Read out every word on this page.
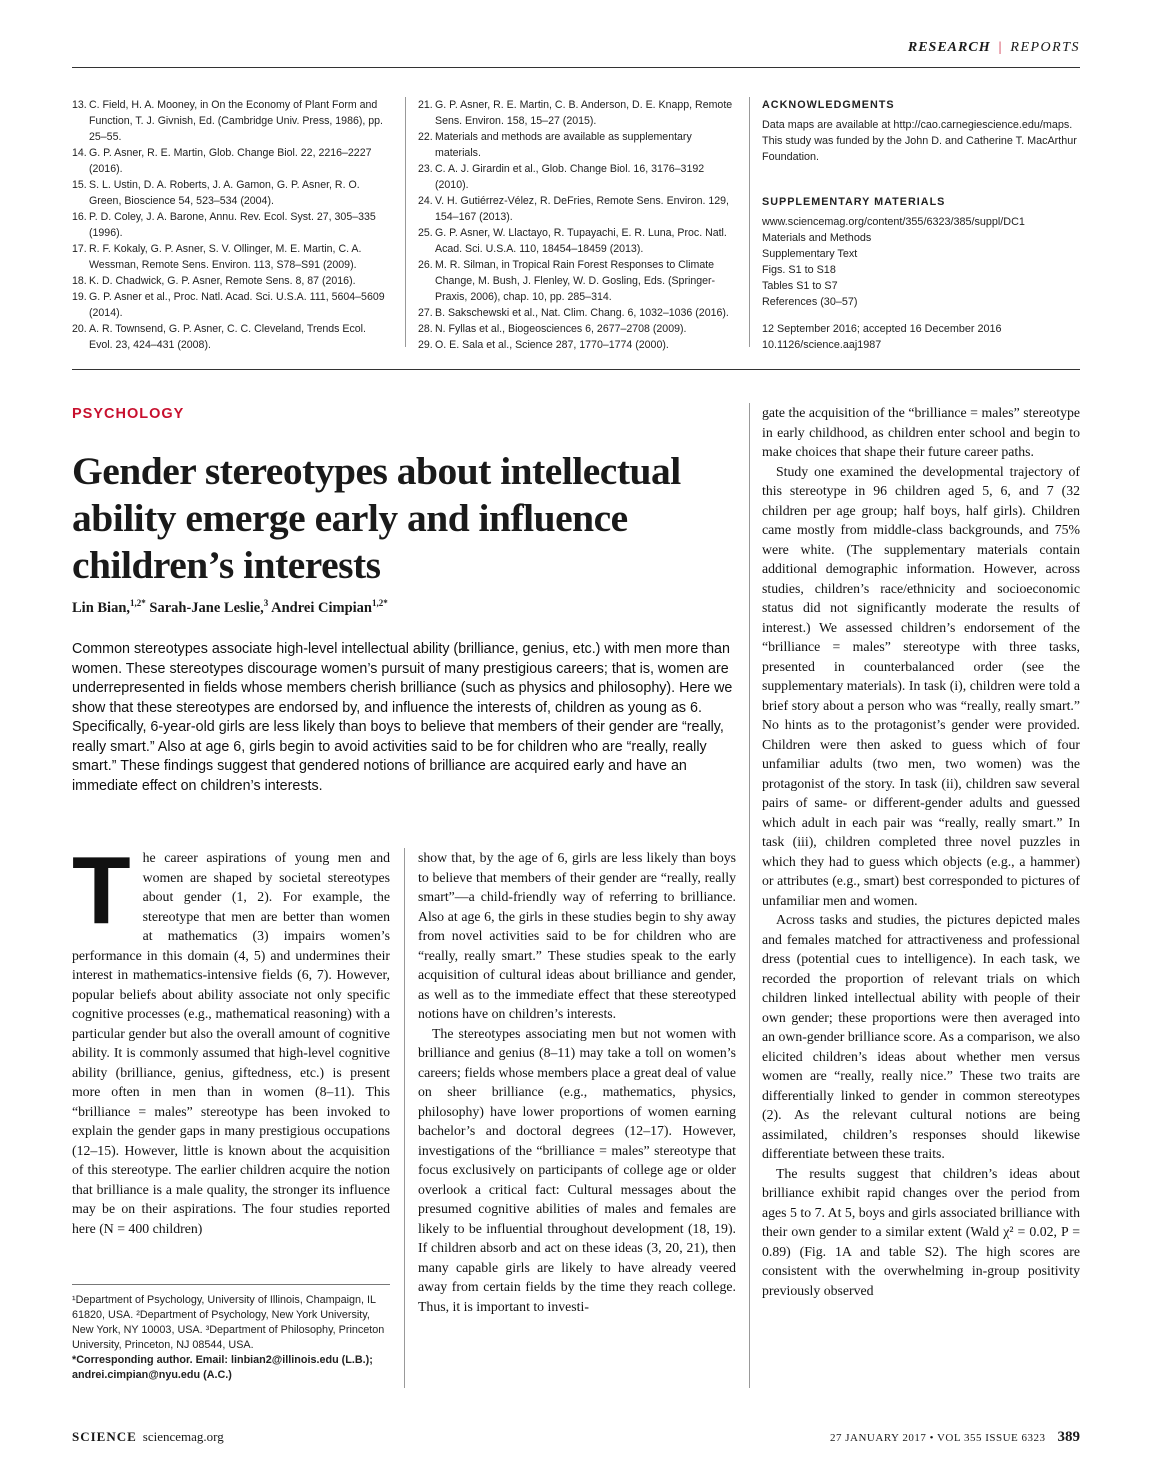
RESEARCH | REPORTS
13. C. Field, H. A. Mooney, in On the Economy of Plant Form and Function, T. J. Givnish, Ed. (Cambridge Univ. Press, 1986), pp. 25–55.
14. G. P. Asner, R. E. Martin, Glob. Change Biol. 22, 2216–2227 (2016).
15. S. L. Ustin, D. A. Roberts, J. A. Gamon, G. P. Asner, R. O. Green, Bioscience 54, 523–534 (2004).
16. P. D. Coley, J. A. Barone, Annu. Rev. Ecol. Syst. 27, 305–335 (1996).
17. R. F. Kokaly, G. P. Asner, S. V. Ollinger, M. E. Martin, C. A. Wessman, Remote Sens. Environ. 113, S78–S91 (2009).
18. K. D. Chadwick, G. P. Asner, Remote Sens. 8, 87 (2016).
19. G. P. Asner et al., Proc. Natl. Acad. Sci. U.S.A. 111, 5604–5609 (2014).
20. A. R. Townsend, G. P. Asner, C. C. Cleveland, Trends Ecol. Evol. 23, 424–431 (2008).
21. G. P. Asner, R. E. Martin, C. B. Anderson, D. E. Knapp, Remote Sens. Environ. 158, 15–27 (2015).
22. Materials and methods are available as supplementary materials.
23. C. A. J. Girardin et al., Glob. Change Biol. 16, 3176–3192 (2010).
24. V. H. Gutiérrez-Vélez, R. DeFries, Remote Sens. Environ. 129, 154–167 (2013).
25. G. P. Asner, W. Llactayo, R. Tupayachi, E. R. Luna, Proc. Natl. Acad. Sci. U.S.A. 110, 18454–18459 (2013).
26. M. R. Silman, in Tropical Rain Forest Responses to Climate Change, M. Bush, J. Flenley, W. D. Gosling, Eds. (Springer-Praxis, 2006), chap. 10, pp. 285–314.
27. B. Sakschewski et al., Nat. Clim. Chang. 6, 1032–1036 (2016).
28. N. Fyllas et al., Biogeosciences 6, 2677–2708 (2009).
29. O. E. Sala et al., Science 287, 1770–1774 (2000).
ACKNOWLEDGMENTS

Data maps are available at http://cao.carnegiescience.edu/maps. This study was funded by the John D. and Catherine T. MacArthur Foundation.

SUPPLEMENTARY MATERIALS
www.sciencemag.org/content/355/6323/385/suppl/DC1
Materials and Methods
Supplementary Text
Figs. S1 to S18
Tables S1 to S7
References (30–57)

12 September 2016; accepted 16 December 2016

10.1126/science.aaj1987

PSYCHOLOGY
Gender stereotypes about intellectual ability emerge early and influence children’s interests
Lin Bian,$^{1,2*}$ Sarah-Jane Leslie,$^3$ Andrei Cimpian$^{1,2*}$
Common stereotypes associate high-level intellectual ability (brilliance, genius, etc.) with men more than women. These stereotypes discourage women’s pursuit of many prestigious careers; that is, women are underrepresented in fields whose members cherish brilliance (such as physics and philosophy). Here we show that these stereotypes are endorsed by, and influence the interests of, children as young as 6. Specifically, 6-year-old girls are less likely than boys to believe that members of their gender are “really, really smart.” Also at age 6, girls begin to avoid activities said to be for children who are “really, really smart.” These findings suggest that gendered notions of brilliance are acquired early and have an immediate effect on children’s interests.

The career aspirations of young men and women are shaped by societal stereotypes about gender (1, 2). For example, the stereotype that men are better than women at mathematics (3) impairs women’s performance in this domain (4, 5) and undermines their interest in mathematics-intensive fields (6, 7). However, popular beliefs about ability associate not only specific cognitive processes (e.g., mathematical reasoning) with a particular gender but also the overall amount of cognitive ability. It is commonly assumed that high-level cognitive ability (brilliance, genius, giftedness, etc.) is present more often in men than in women (8–11). This “brilliance = males” stereotype has been invoked to explain the gender gaps in many prestigious occupations (12–15). However, little is known about the acquisition of this stereotype. The earlier children acquire the notion that brilliance is a male quality, the stronger its influence may be on their aspirations. The four studies reported here (N = 400 children)

show that, by the age of 6, girls are less likely than boys to believe that members of their gender are “really, really smart”—a child-friendly way of referring to brilliance. Also at age 6, the girls in these studies begin to shy away from novel activities said to be for children who are “really, really smart.” These studies speak to the early acquisition of cultural ideas about brilliance and gender, as well as to the immediate effect that these stereotyped notions have on children’s interests.

The stereotypes associating men but not women with brilliance and genius (8–11) may take a toll on women’s careers; fields whose members place a great deal of value on sheer brilliance (e.g., mathematics, physics, philosophy) have lower proportions of women earning bachelor’s and doctoral degrees (12–17). However, investigations of the “brilliance = males” stereotype that focus exclusively on participants of college age or older overlook a critical fact: Cultural messages about the presumed cognitive abilities of males and females are likely to be influential throughout development (18, 19). If children absorb and act on these ideas (3, 20, 21), then many capable girls are likely to have already veered away from certain fields by the time they reach college. Thus, it is important to investi-

gate the acquisition of the “brilliance = males” stereotype in early childhood, as children enter school and begin to make choices that shape their future career paths.

Study one examined the developmental trajectory of this stereotype in 96 children aged 5, 6, and 7 (32 children per age group; half boys, half girls). Children came mostly from middle-class backgrounds, and 75% were white. (The supplementary materials contain additional demographic information. However, across studies, children’s race/ethnicity and socioeconomic status did not significantly moderate the results of interest.) We assessed children’s endorsement of the “brilliance = males” stereotype with three tasks, presented in counterbalanced order (see the supplementary materials). In task (i), children were told a brief story about a person who was “really, really smart.” No hints as to the protagonist’s gender were provided. Children were then asked to guess which of four unfamiliar adults (two men, two women) was the protagonist of the story. In task (ii), children saw several pairs of same- or different-gender adults and guessed which adult in each pair was “really, really smart.” In task (iii), children completed three novel puzzles in which they had to guess which objects (e.g., a hammer) or attributes (e.g., smart) best corresponded to pictures of unfamiliar men and women.

Across tasks and studies, the pictures depicted males and females matched for attractiveness and professional dress (potential cues to intelligence). In each task, we recorded the proportion of relevant trials on which children linked intellectual ability with people of their own gender; these proportions were then averaged into an own-gender brilliance score. As a comparison, we also elicited children’s ideas about whether men versus women are “really, really nice.” These two traits are differentially linked to gender in common stereotypes (2). As the relevant cultural notions are being assimilated, children’s responses should likewise differentiate between these traits.

The results suggest that children’s ideas about brilliance exhibit rapid changes over the period from ages 5 to 7. At 5, boys and girls associated brilliance with their own gender to a similar extent (Wald χ² = 0.02, P = 0.89) (Fig. 1A and table S2). The high scores are consistent with the overwhelming in-group positivity previously observed

¹Department of Psychology, University of Illinois, Champaign, IL 61820, USA. ²Department of Psychology, New York University, New York, NY 10003, USA. ³Department of Philosophy, Princeton University, Princeton, NJ 08544, USA.
*Corresponding author. Email: linbian2@illinois.edu (L.B.); andrei.cimpian@nyu.edu (A.C.)
SCIENCE sciencemag.org	27 JANUARY 2017 • VOL 355 ISSUE 6323 389
